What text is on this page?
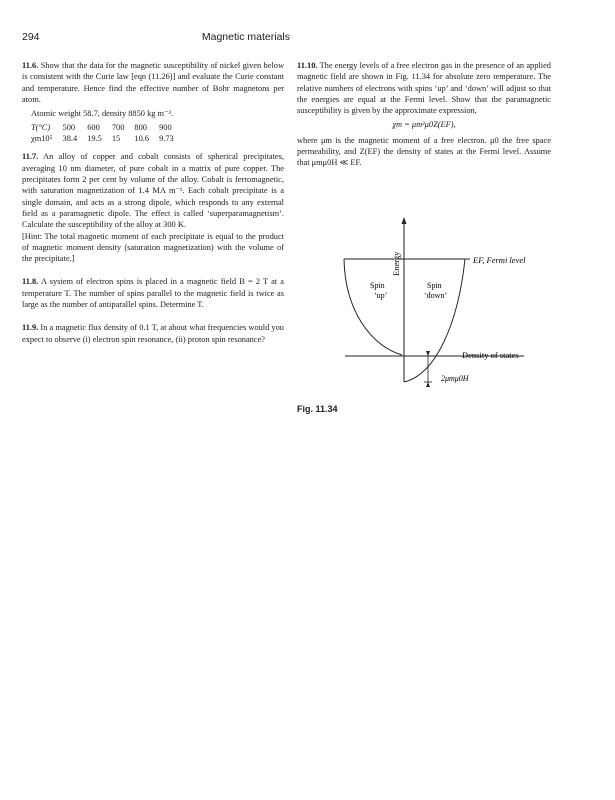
294	Magnetic materials

11.6. Show that the data for the magnetic susceptibility of nickel given below is consistent with the Curie law [eqn (11.26)] and evaluate the Curie constant and temperature. Hence find the effective number of Bohr magnetons per atom.

Atomic weight 58.7, density 8850 kg m⁻³.

T(°C)	500	600	700	800	900
χm10⁵	38.4	19.5	15	10.6	9.73

11.7. An alloy of copper and cobalt consists of spherical precipitates, averaging 10 nm diameter, of pure cobalt in a matrix of pure copper. The precipitates form 2 per cent by volume of the alloy. Cobalt is ferromagnetic, with saturation magnetization of 1.4 MA m⁻¹. Each cobalt precipitate is a single domain, and acts as a strong dipole, which responds to any external field as a paramagnetic dipole. The effect is called ‘superparamagnetism’. Calculate the susceptibility of the alloy at 300 K.

[Hint: The total magnetic moment of each precipitate is equal to the product of magnetic moment density (saturation magnetization) with the volume of the precipitate.]

11.8. A system of electron spins is placed in a magnetic field B = 2 T at a temperature T. The number of spins parallel to the magnetic field is twice as large as the number of antiparallel spins. Determine T.

11.9. In a magnetic flux density of 0.1 T, at about what frequencies would you expect to observe (i) electron spin resonance, (ii) proton spin resonance?

11.10. The energy levels of a free electron gas in the presence of an applied magnetic field are shown in Fig. 11.34 for absolute zero temperature. The relative numbers of electrons with spins ‘up’ and ‘down’ will adjust so that the energies are equal at the Fermi level. Show that the paramagnetic susceptibility is given by the approximate expression,

χm = μm²μ0Z(EF),

where μm is the magnetic moment of a free electron. μ0 the free space permeability, and Z(EF) the density of states at the Fermi level. Assume that μmμ0H ≪ EF.

Energy
Density of states
EF, Fermi level
Spin
‘up’
Spin
‘down’
2μmμ0H
Fig. 11.34
